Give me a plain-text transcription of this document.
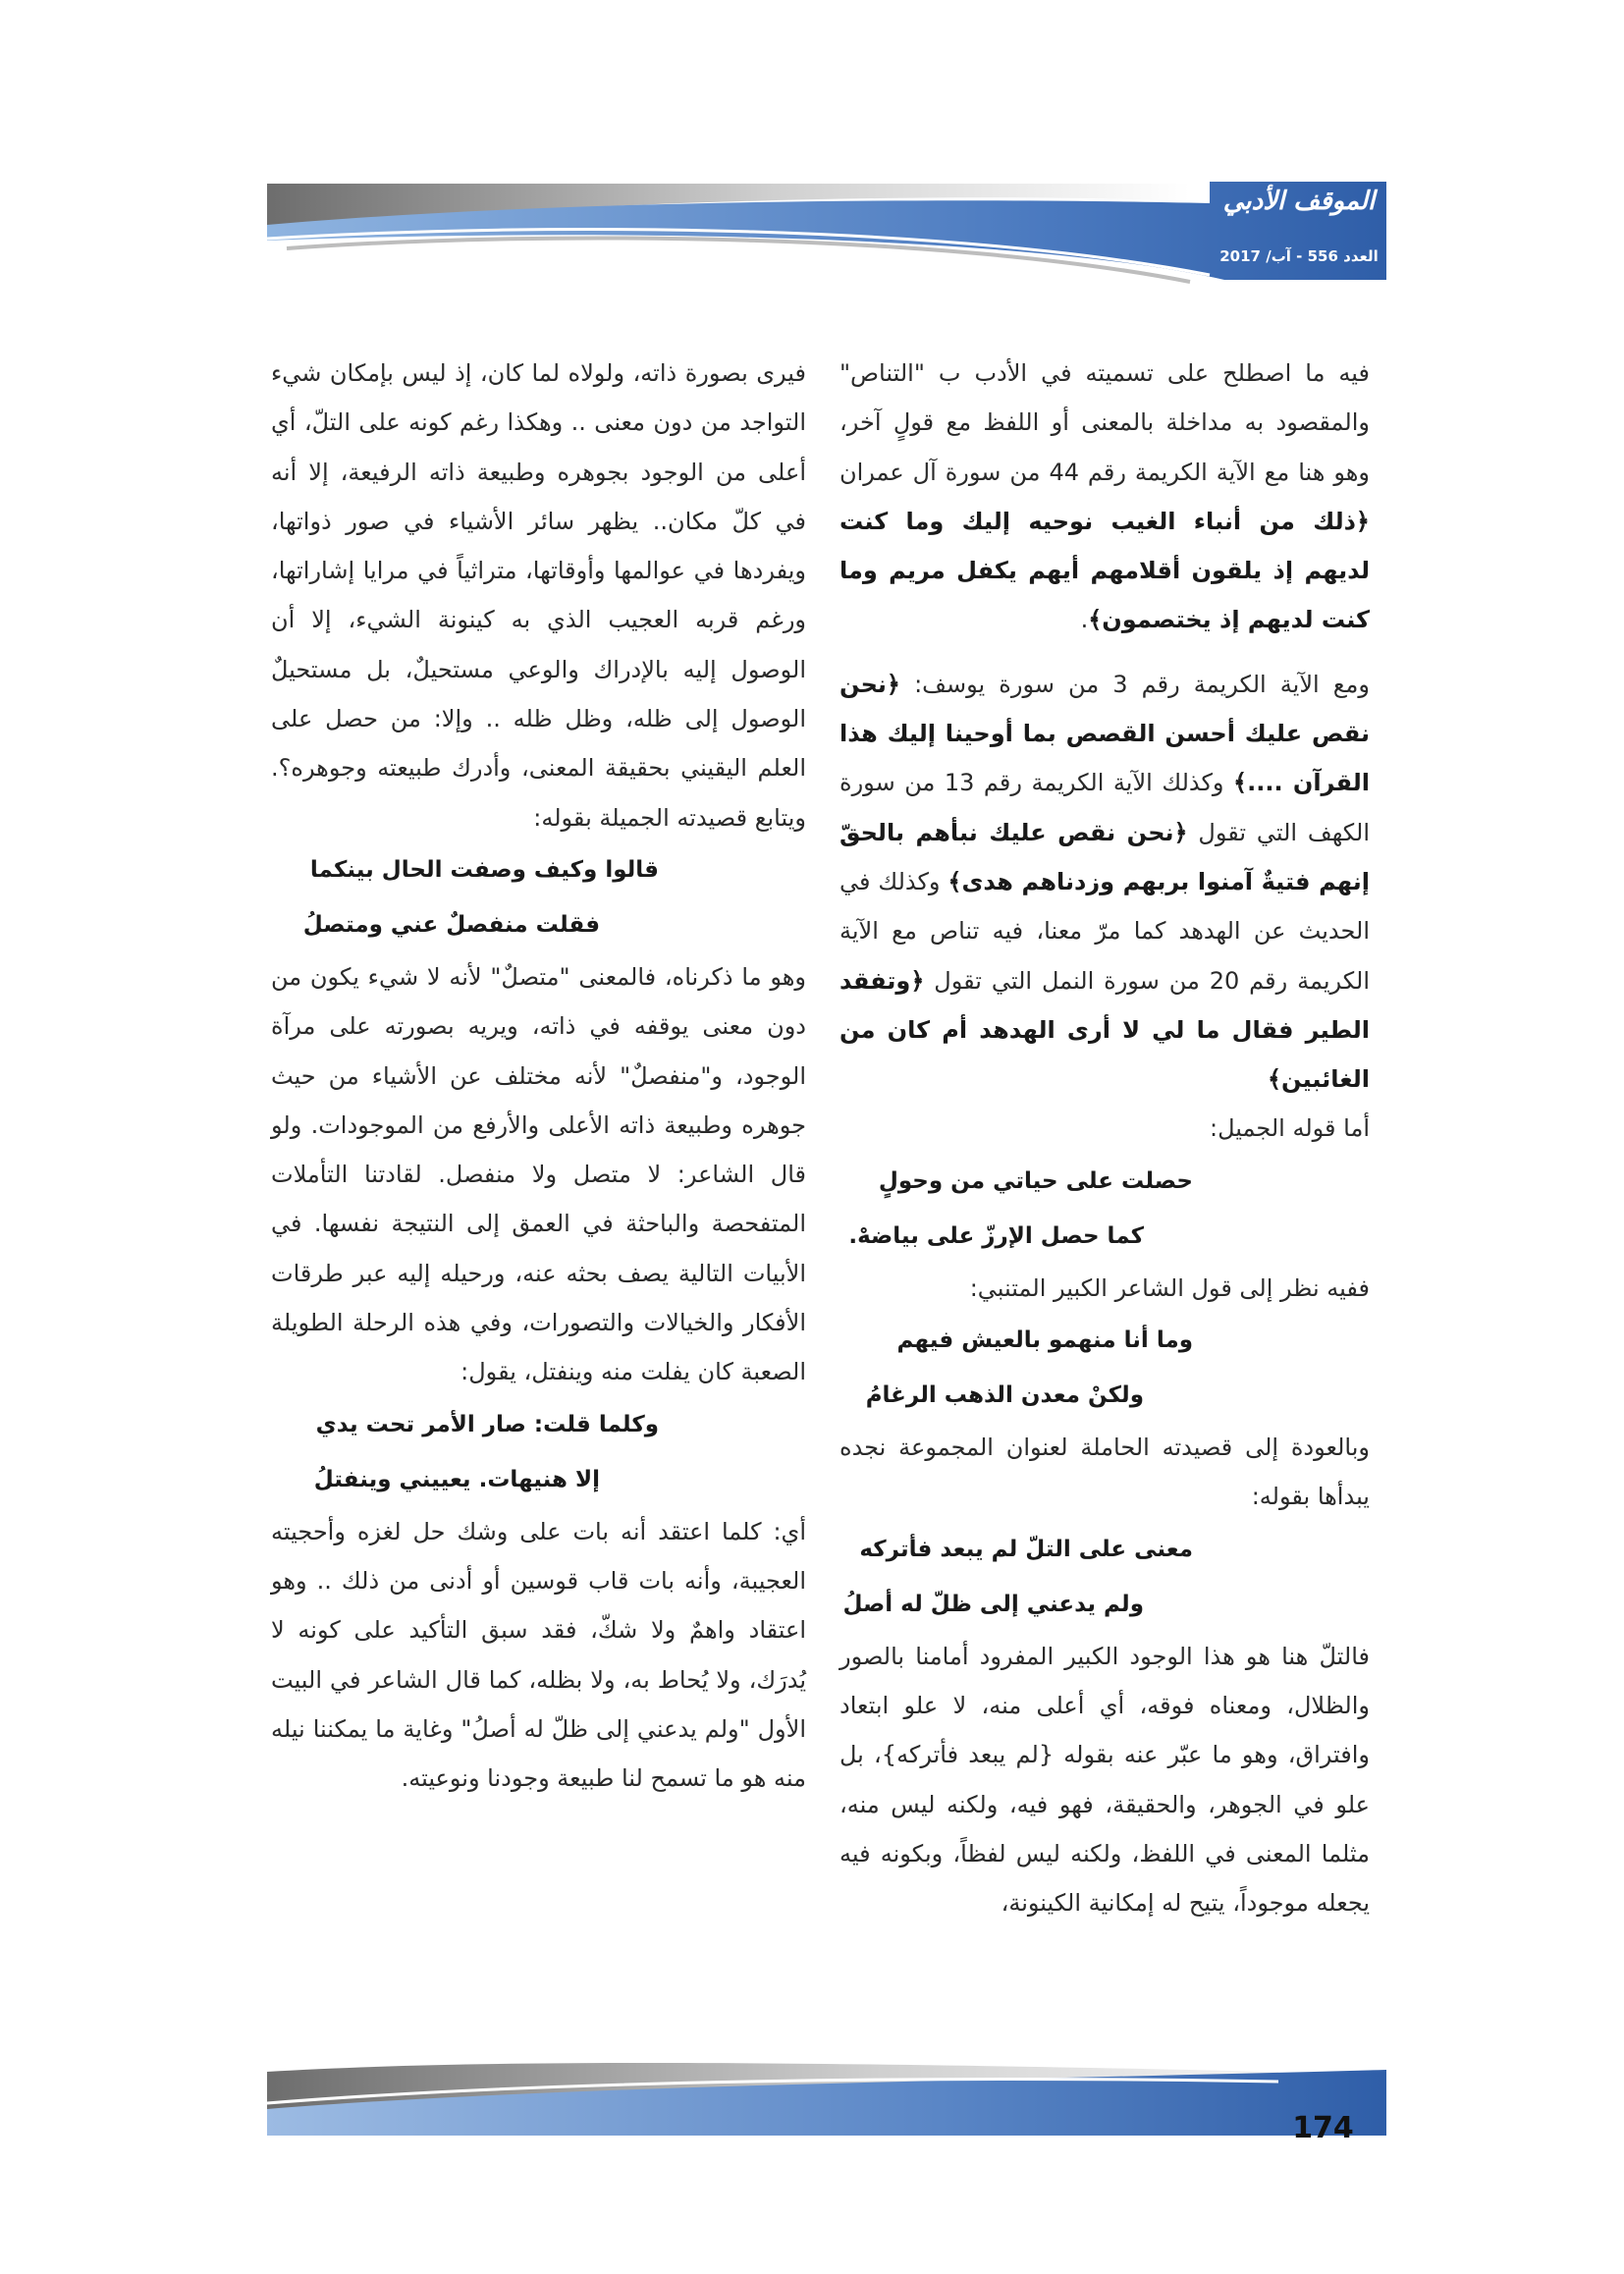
الموقف الأدبي
العدد 556 - آب/ 2017

فيه ما اصطلح على تسميته في الأدب ب "التناص" والمقصود به مداخلة بالمعنى أو اللفظ مع قولٍ آخر، وهو هنا مع الآية الكريمة رقم 44 من سورة آل عمران ﴿ذلك من أنباء الغيب نوحيه إليك وما كنت لديهم إذ يلقون أقلامهم أيهم يكفل مريم وما كنت لديهم إذ يختصمون﴾.

ومع الآية الكريمة رقم 3 من سورة يوسف: ﴿نحن نقص عليك أحسن القصص بما أوحينا إليك هذا القرآن ....﴾ وكذلك الآية الكريمة رقم 13 من سورة الكهف التي تقول ﴿نحن نقص عليك نبأهم بالحقّ إنهم فتيةٌ آمنوا بربهم وزدناهم هدى﴾ وكذلك في الحديث عن الهدهد كما مرّ معنا، فيه تناص مع الآية الكريمة رقم 20 من سورة النمل التي تقول ﴿وتفقد الطير فقال ما لي لا أرى الهدهد أم كان من الغائبين﴾

أما قوله الجميل:

حصلت على حياتي من وحولٍ

كما حصل الإرزّ على بياضهْ.

ففيه نظر إلى قول الشاعر الكبير المتنبي:

وما أنا منهمو بالعيش فيهم

ولكنْ معدن الذهب الرغامُ

وبالعودة إلى قصيدته الحاملة لعنوان المجموعة نجده يبدأها بقوله:

معنى على التلّ لم يبعد فأتركه

ولم يدعني إلى ظلّ له أصلُ

فالتلّ هنا هو هذا الوجود الكبير المفرود أمامنا بالصور والظلال، ومعناه فوقه، أي أعلى منه، لا علو ابتعاد وافتراق، وهو ما عبّر عنه بقوله {لم يبعد فأتركه}، بل علو في الجوهر، والحقيقة، فهو فيه، ولكنه ليس منه، مثلما المعنى في اللفظ، ولكنه ليس لفظاً، وبكونه فيه يجعله موجوداً، يتيح له إمكانية الكينونة،

فيرى بصورة ذاته، ولولاه لما كان، إذ ليس بإمكان شيء التواجد من دون معنى .. وهكذا رغم كونه على التلّ، أي أعلى من الوجود بجوهره وطبيعة ذاته الرفيعة، إلا أنه في كلّ مكان.. يظهر سائر الأشياء في صور ذواتها، ويفردها في عوالمها وأوقاتها، متراثياً في مرايا إشاراتها، ورغم قربه العجيب الذي به كينونة الشيء، إلا أن الوصول إليه بالإدراك والوعي مستحيلٌ، بل مستحيلٌ الوصول إلى ظله، وظل ظله .. وإلا: من حصل على العلم اليقيني بحقيقة المعنى، وأدرك طبيعته وجوهره؟. ويتابع قصيدته الجميلة بقوله:

قالوا وكيف وصفت الحال بينكما

فقلت منفصلٌ عني ومتصلُ

وهو ما ذكرناه، فالمعنى "متصلٌ" لأنه لا شيء يكون من دون معنى يوقفه في ذاته، ويريه بصورته على مرآة الوجود، و"منفصلٌ" لأنه مختلف عن الأشياء من حيث جوهره وطبيعة ذاته الأعلى والأرفع من الموجودات. ولو قال الشاعر: لا متصل ولا منفصل. لقادتنا التأملات المتفحصة والباحثة في العمق إلى النتيجة نفسها. في الأبيات التالية يصف بحثه عنه، ورحيله إليه عبر طرقات الأفكار والخيالات والتصورات، وفي هذه الرحلة الطويلة الصعبة كان يفلت منه وينفتل، يقول:

وكلما قلت: صار الأمر تحت يدي

إلا هنيهات. يعييني وينفتلُ

أي: كلما اعتقد أنه بات على وشك حل لغزه وأحجيته العجيبة، وأنه بات قاب قوسين أو أدنى من ذلك .. وهو اعتقاد واهمٌ ولا شكّ، فقد سبق التأكيد على كونه لا يُدرَك، ولا يُحاط به، ولا بظله، كما قال الشاعر في البيت الأول "ولم يدعني إلى ظلّ له أصلُ" وغاية ما يمكننا نيله منه هو ما تسمح لنا طبيعة وجودنا ونوعيته.

174
